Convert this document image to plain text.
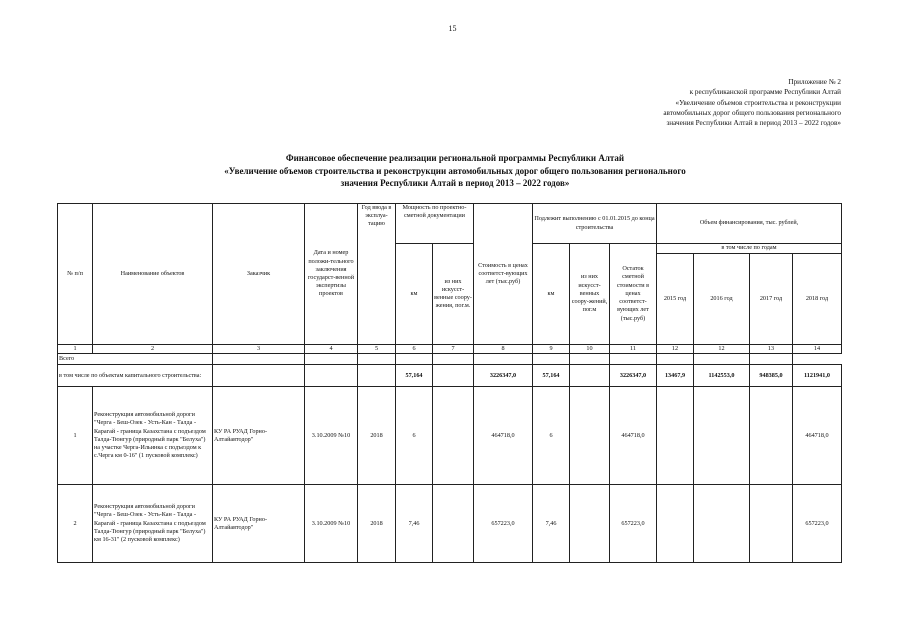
15
Приложение № 2
к республиканской программе Республики Алтай
«Увеличение объемов строительства и реконструкции
автомобильных дорог общего пользования регионального
значения Республики Алтай в период 2013 – 2022 годов»
Финансовое обеспечение реализации региональной программы Республики Алтай
«Увеличение объемов строительства и реконструкции автомобильных дорог общего пользования регионального
значения Республики Алтай в период 2013 – 2022 годов»
№ п/п	Наименование объектов	Заказчик	Дата и номер положи-тельного заключения государст-венной экспертизы проектов	Год ввода в эксплуа-тацию	Мощность по проектно-сметной документации		Стоимость в ценах соответст-вующих лет (тыс.руб)	Подлежит выполнению с 01.01.2015 до конца строительства			Объем финансирования, тыс. рублей,			
					км	из них искусст-венные соору-жения, пог.м.		км	из них искусст-венных соору-жений, пог.м	Остаток сметной стоимости в ценах соответст-вующих лет (тыс.руб)	в том числе по годам			
											2015 год	2016 год	2017 год	2018 год
1	2	3	4	5	6	7	8	9	10	11	12	12	13	14
Всего														
в том числе по объектам капитального строительства:					57,164		3226347,0	57,164		3226347,0	13467,9	1142553,0	948385,0	1121941,0
1	Реконструкция автомобильной дороги "Черга - Беш-Озек - Усть-Кан - Талда - Карагай - граница Казахстана с подъездом Талда-Тюнгур (природный парк "Белуха") на участке Черга-Ильинка с подъездом к с.Черга км 0-16" (1 пусковой комплекс)	КУ РА РУАД Горно-Алтайавтодор"	3.10.2009 №10	2018	6		464718,0	6		464718,0				464718,0
2	Реконструкция автомобильной дороги "Черга - Беш-Озек - Усть-Кан - Талда - Карагай - граница Казахстана с подъездом Талда-Тюнгур (природный парк "Белуха") км 16-31" (2 пусковой комплекс)	КУ РА РУАД Горно-Алтайавтодор"	3.10.2009 №10	2018	7,46		657223,0	7,46		657223,0				657223,0
